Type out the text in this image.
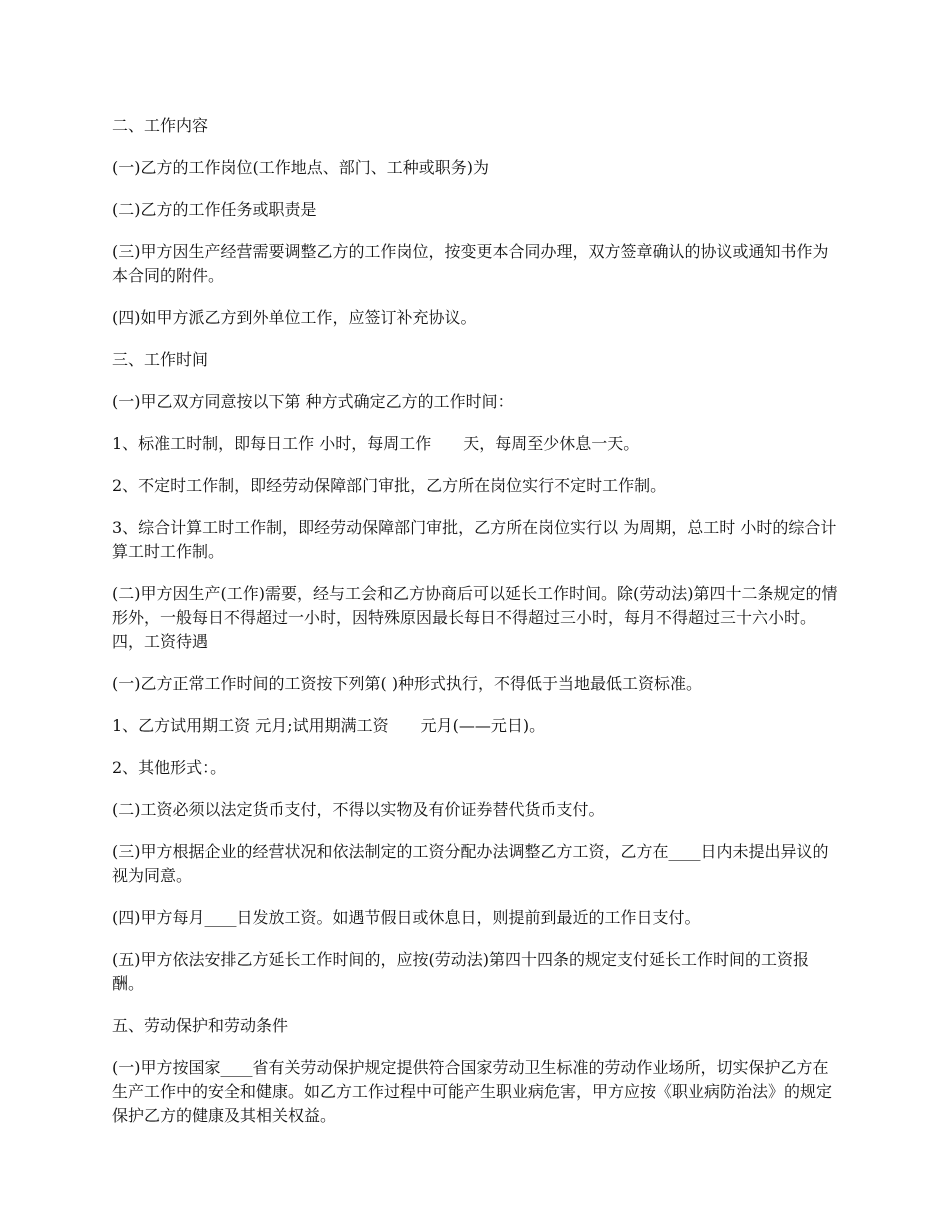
二、工作内容

(一)乙方的工作岗位(工作地点、部门、工种或职务)为

(二)乙方的工作任务或职责是

(三)甲方因生产经营需要调整乙方的工作岗位，按变更本合同办理，双方签章确认的协议或通知书作为本合同的附件。

(四)如甲方派乙方到外单位工作，应签订补充协议。

三、工作时间

(一)甲乙双方同意按以下第 种方式确定乙方的工作时间：

1、标准工时制，即每日工作 小时，每周工作　　天，每周至少休息一天。

2、不定时工作制，即经劳动保障部门审批，乙方所在岗位实行不定时工作制。

3、综合计算工时工作制，即经劳动保障部门审批，乙方所在岗位实行以 为周期，总工时 小时的综合计算工时工作制。

(二)甲方因生产(工作)需要，经与工会和乙方协商后可以延长工作时间。除(劳动法)第四十二条规定的情形外，一般每日不得超过一小时，因特殊原因最长每日不得超过三小时，每月不得超过三十六小时。　　 四，工资待遇

(一)乙方正常工作时间的工资按下列第( )种形式执行，不得低于当地最低工资标准。

1、乙方试用期工资 元月;试用期满工资　　元月(——元日)。

2、其他形式：。

(二)工资必须以法定货币支付，不得以实物及有价证券替代货币支付。

(三)甲方根据企业的经营状况和依法制定的工资分配办法调整乙方工资，乙方在____日内未提出异议的视为同意。

(四)甲方每月____日发放工资。如遇节假日或休息日，则提前到最近的工作日支付。

(五)甲方依法安排乙方延长工作时间的，应按(劳动法)第四十四条的规定支付延长工作时间的工资报酬。

五、劳动保护和劳动条件

(一)甲方按国家____省有关劳动保护规定提供符合国家劳动卫生标准的劳动作业场所，切实保护乙方在生产工作中的安全和健康。如乙方工作过程中可能产生职业病危害，甲方应按《职业病防治法》的规定保护乙方的健康及其相关权益。
